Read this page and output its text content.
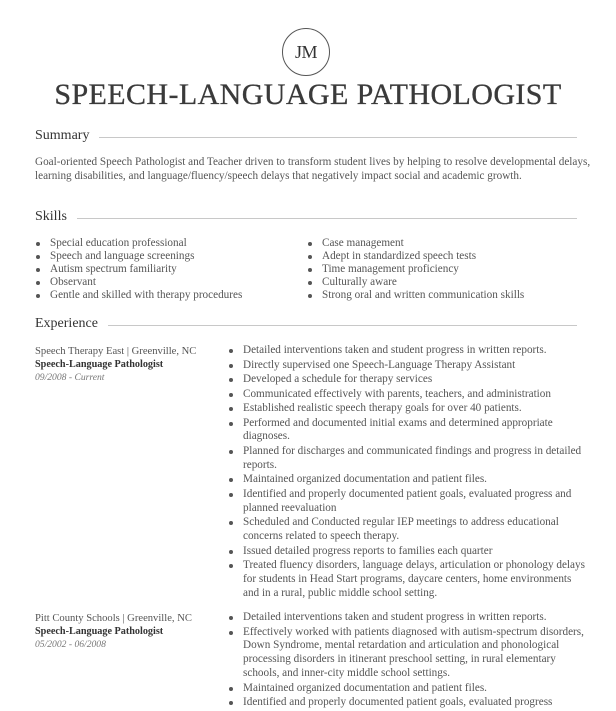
JM
SPEECH-LANGUAGE PATHOLOGIST
Summary

Goal-oriented Speech Pathologist and Teacher driven to transform student lives by helping to resolve developmental delays, learning disabilities, and language/fluency/speech delays that negatively impact social and academic growth.

Skills
Special education professional
Speech and language screenings
Autism spectrum familiarity
Observant
Gentle and skilled with therapy procedures
Case management
Adept in standardized speech tests
Time management proficiency
Culturally aware
Strong oral and written communication skills
Experience
Speech Therapy East | Greenville, NC
Speech-Language Pathologist
09/2008 - Current
Detailed interventions taken and student progress in written reports.
Directly supervised one Speech-Language Therapy Assistant
Developed a schedule for therapy services
Communicated effectively with parents, teachers, and administration
Established realistic speech therapy goals for over 40 patients.
Performed and documented initial exams and determined appropriate diagnoses.
Planned for discharges and communicated findings and progress in detailed reports.
Maintained organized documentation and patient files.
Identified and properly documented patient goals, evaluated progress and planned reevaluation
Scheduled and Conducted regular IEP meetings to address educational concerns related to speech therapy.
Issued detailed progress reports to families each quarter
Treated fluency disorders, language delays, articulation or phonology delays for students in Head Start programs, daycare centers, home environments and in a rural, public middle school setting.
Pitt County Schools | Greenville, NC
Speech-Language Pathologist
05/2002 - 06/2008
Detailed interventions taken and student progress in written reports.
Effectively worked with patients diagnosed with autism-spectrum disorders, Down Syndrome, mental retardation and articulation and phonological processing disorders in itinerant preschool setting, in rural elementary schools, and inner-city middle school settings.
Maintained organized documentation and patient files.
Identified and properly documented patient goals, evaluated progress
